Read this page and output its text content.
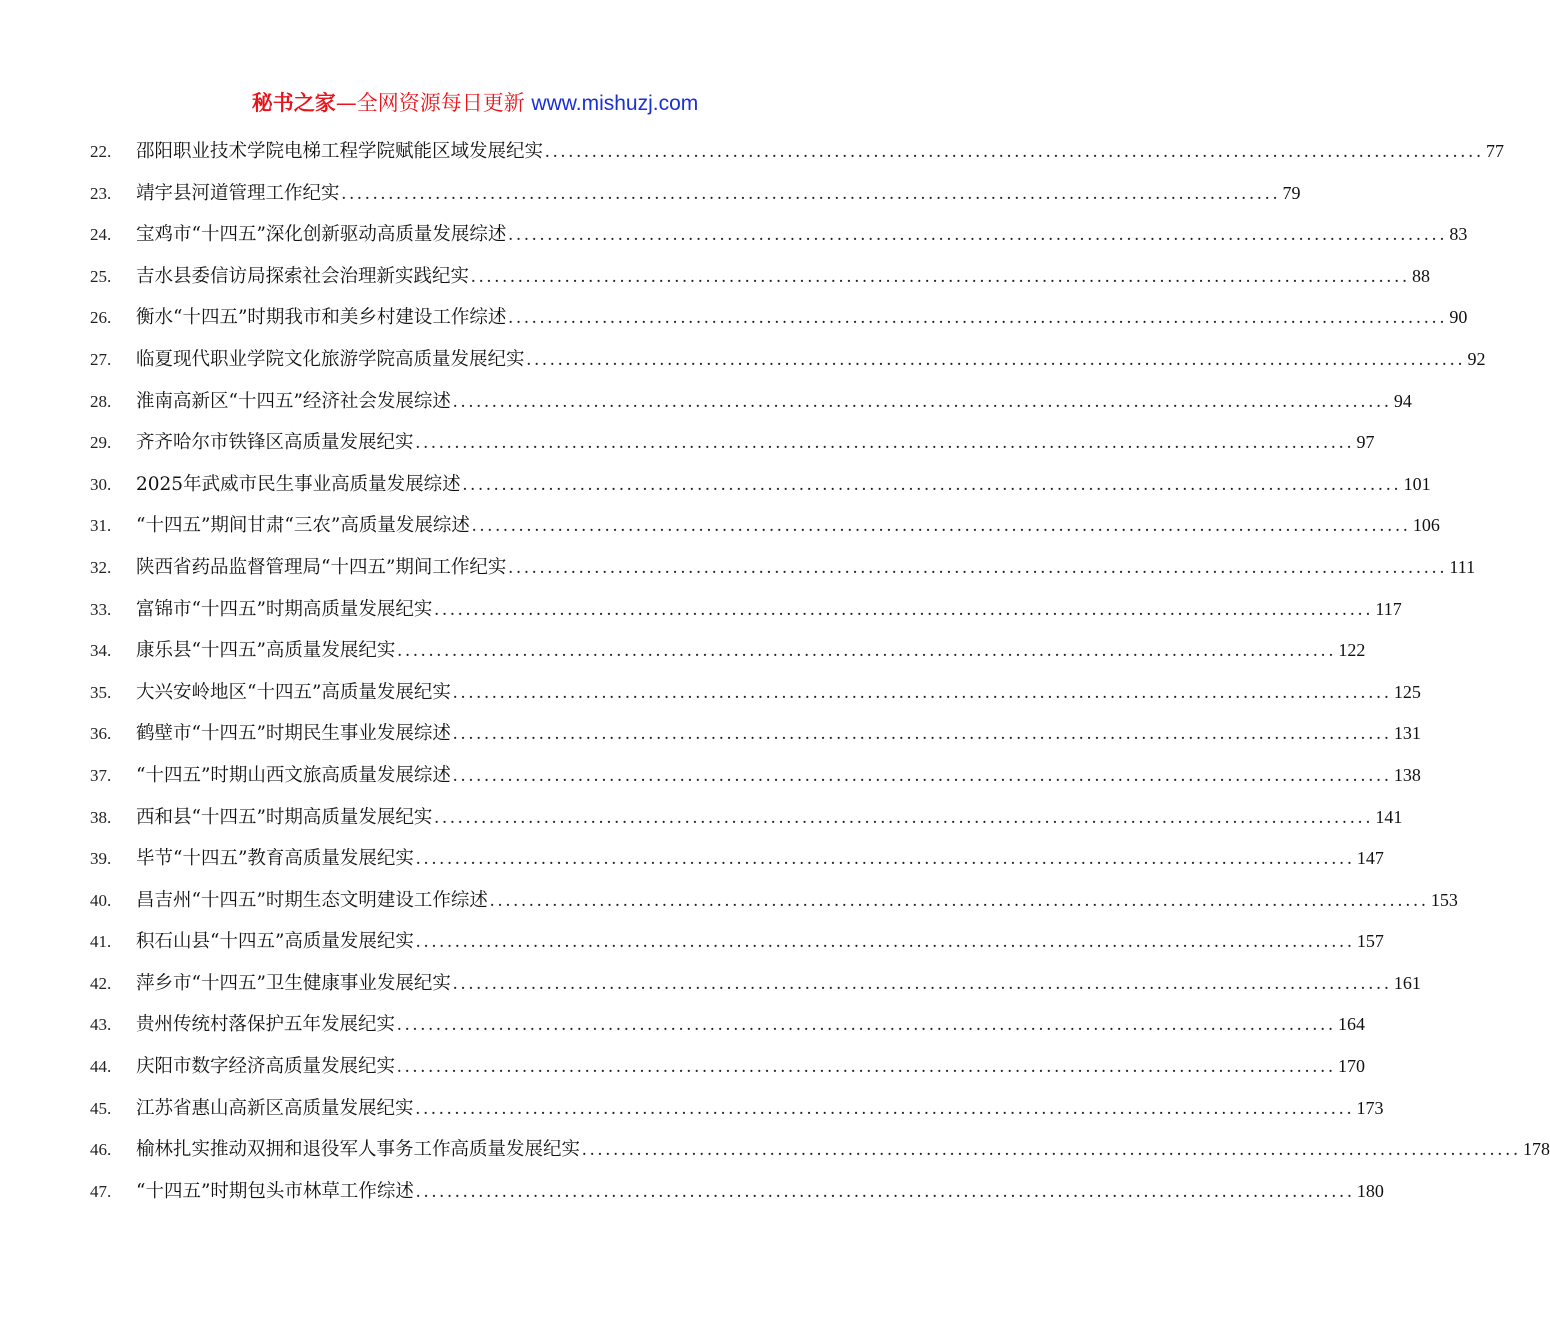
秘书之家—全网资源每日更新 www.mishuzj.com
22.	邵阳职业技术学院电梯工程学院赋能区域发展纪实 ........................................................................................................................ 77
23.	靖宇县河道管理工作纪实 ........................................................................................................................ 79
24.	宝鸡市“十四五”深化创新驱动高质量发展综述 ........................................................................................................................ 83
25.	吉水县委信访局探索社会治理新实践纪实 ........................................................................................................................ 88
26.	衡水“十四五”时期我市和美乡村建设工作综述 ........................................................................................................................ 90
27.	临夏现代职业学院文化旅游学院高质量发展纪实 ........................................................................................................................ 92
28.	淮南高新区“十四五”经济社会发展综述 ........................................................................................................................ 94
29.	齐齐哈尔市铁锋区高质量发展纪实 ........................................................................................................................ 97
30.	2025年武威市民生事业高质量发展综述 ........................................................................................................................ 101
31.	“十四五”期间甘肃“三农”高质量发展综述 ........................................................................................................................ 106
32.	陕西省药品监督管理局“十四五”期间工作纪实 ........................................................................................................................ 111
33.	富锦市“十四五”时期高质量发展纪实 ........................................................................................................................ 117
34.	康乐县“十四五”高质量发展纪实 ........................................................................................................................ 122
35.	大兴安岭地区“十四五”高质量发展纪实 ........................................................................................................................ 125
36.	鹤壁市“十四五”时期民生事业发展综述 ........................................................................................................................ 131
37.	“十四五”时期山西文旅高质量发展综述 ........................................................................................................................ 138
38.	西和县“十四五”时期高质量发展纪实 ........................................................................................................................ 141
39.	毕节“十四五”教育高质量发展纪实 ........................................................................................................................ 147
40.	昌吉州“十四五”时期生态文明建设工作综述 ........................................................................................................................ 153
41.	积石山县“十四五”高质量发展纪实 ........................................................................................................................ 157
42.	萍乡市“十四五”卫生健康事业发展纪实 ........................................................................................................................ 161
43.	贵州传统村落保护五年发展纪实 ........................................................................................................................ 164
44.	庆阳市数字经济高质量发展纪实 ........................................................................................................................ 170
45.	江苏省惠山高新区高质量发展纪实 ........................................................................................................................ 173
46.	榆林扎实推动双拥和退役军人事务工作高质量发展纪实 ........................................................................................................................ 178
47.	“十四五”时期包头市林草工作综述 ........................................................................................................................ 180
